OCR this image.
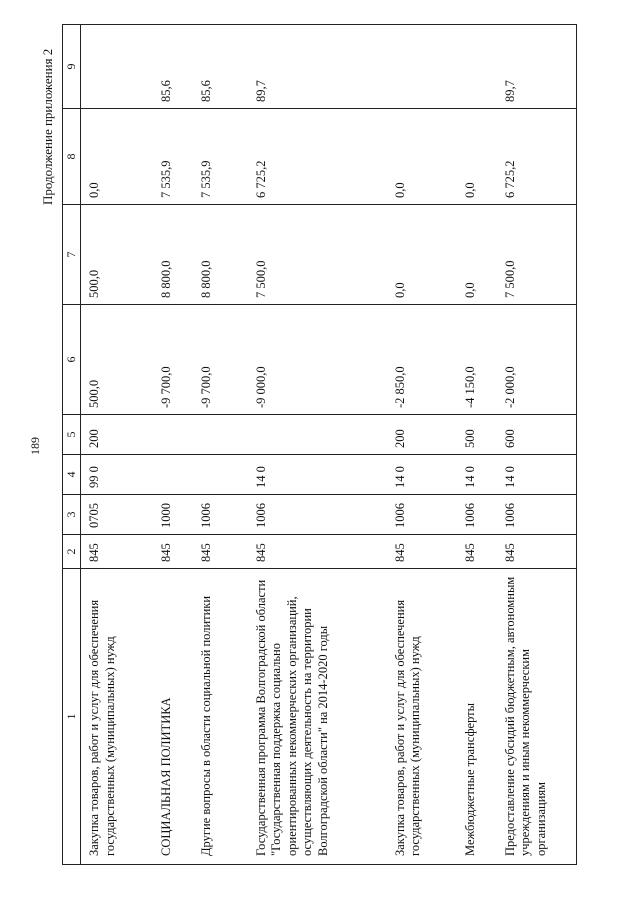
189
Продолжение приложения 2
1	2	3	4	5	6	7	8	9
Закупка товаров, работ и услуг для обеспечения государственных (муниципальных) нужд	845	0705	99 0	200	500,0	500,0	0,0	
СОЦИАЛЬНАЯ ПОЛИТИКА	845	1000			-9 700,0	8 800,0	7 535,9	85,6
Другие вопросы в области социальной политики	845	1006			-9 700,0	8 800,0	7 535,9	85,6
Государственная программа Волгоградской области "Государственная поддержка социально ориентированных некоммерческих организаций, осуществляющих деятельность на территории Волгоградской области" на 2014-2020 годы	845	1006	14 0		-9 000,0	7 500,0	6 725,2	89,7
Закупка товаров, работ и услуг для обеспечения государственных (муниципальных) нужд	845	1006	14 0	200	-2 850,0	0,0	0,0	
Межбюджетные трансферты	845	1006	14 0	500	-4 150,0	0,0	0,0	
Предоставление субсидий бюджетным, автономным учреждениям и иным некоммерческим организациям	845	1006	14 0	600	-2 000,0	7 500,0	6 725,2	89,7
